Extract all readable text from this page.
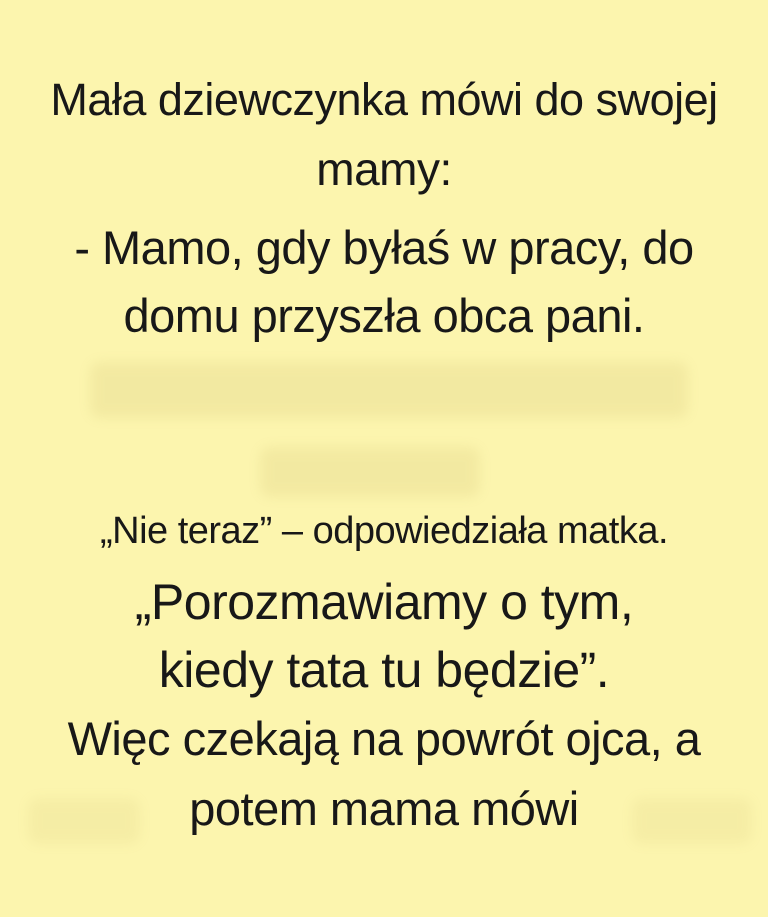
Mała dziewczynka mówi do swojej
mamy:
- Mamo, gdy byłaś w pracy, do
domu przyszła obca pani.
„Nie teraz” – odpowiedziała matka.
„Porozmawiamy o tym,
kiedy tata tu będzie”.
Więc czekają na powrót ojca, a
potem mama mówi
